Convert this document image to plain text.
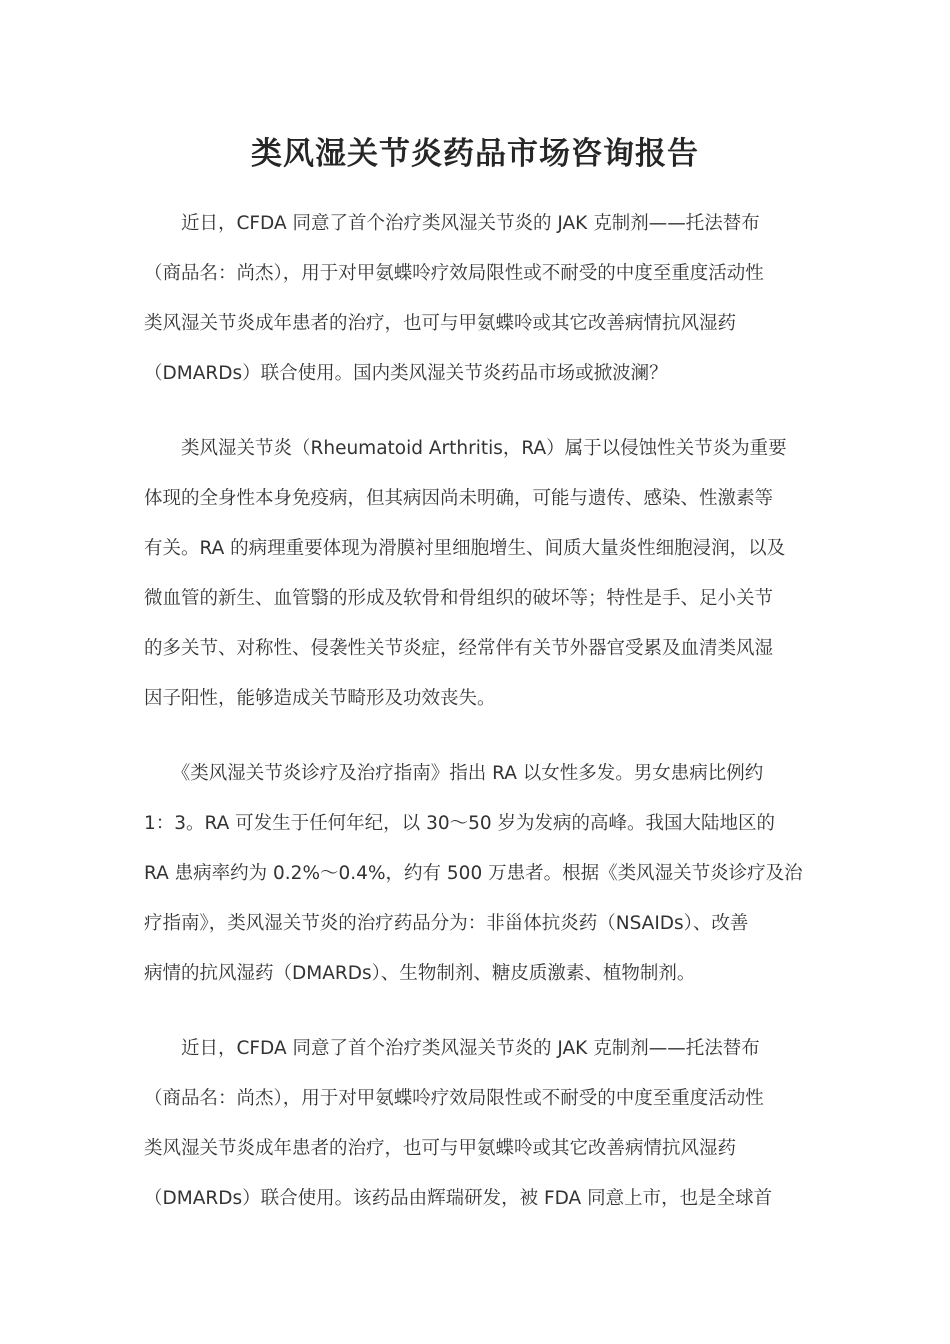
类风湿关节炎药品市场咨询报告

　　近日，CFDA 同意了首个治疗类风湿关节炎的 JAK 克制剂——托法替布
（商品名：尚杰），用于对甲氨蝶呤疗效局限性或不耐受的中度至重度活动性
类风湿关节炎成年患者的治疗，也可与甲氨蝶呤或其它改善病情抗风湿药
（DMARDs）联合使用。国内类风湿关节炎药品市场或掀波澜？

　　类风湿关节炎（Rheumatoid Arthritis，RA）属于以侵蚀性关节炎为重要
体现的全身性本身免疫病，但其病因尚未明确，可能与遗传、感染、性激素等
有关。RA 的病理重要体现为滑膜衬里细胞增生、间质大量炎性细胞浸润，以及
微血管的新生、血管翳的形成及软骨和骨组织的破坏等；特性是手、足小关节
的多关节、对称性、侵袭性关节炎症，经常伴有关节外器官受累及血清类风湿
因子阳性，能够造成关节畸形及功效丧失。

　　《类风湿关节炎诊疗及治疗指南》指出 RA 以女性多发。男女患病比例约
1：3。RA 可发生于任何年纪，以 30～50 岁为发病的高峰。我国大陆地区的
RA 患病率约为 0.2%～0.4%，约有 500 万患者。根据《类风湿关节炎诊疗及治
疗指南》，类风湿关节炎的治疗药品分为：非甾体抗炎药（NSAIDs）、改善
病情的抗风湿药（DMARDs）、生物制剂、糖皮质激素、植物制剂。

　　近日，CFDA 同意了首个治疗类风湿关节炎的 JAK 克制剂——托法替布
（商品名：尚杰），用于对甲氨蝶呤疗效局限性或不耐受的中度至重度活动性
类风湿关节炎成年患者的治疗，也可与甲氨蝶呤或其它改善病情抗风湿药
（DMARDs）联合使用。该药品由辉瑞研发，被 FDA 同意上市，也是全球首
